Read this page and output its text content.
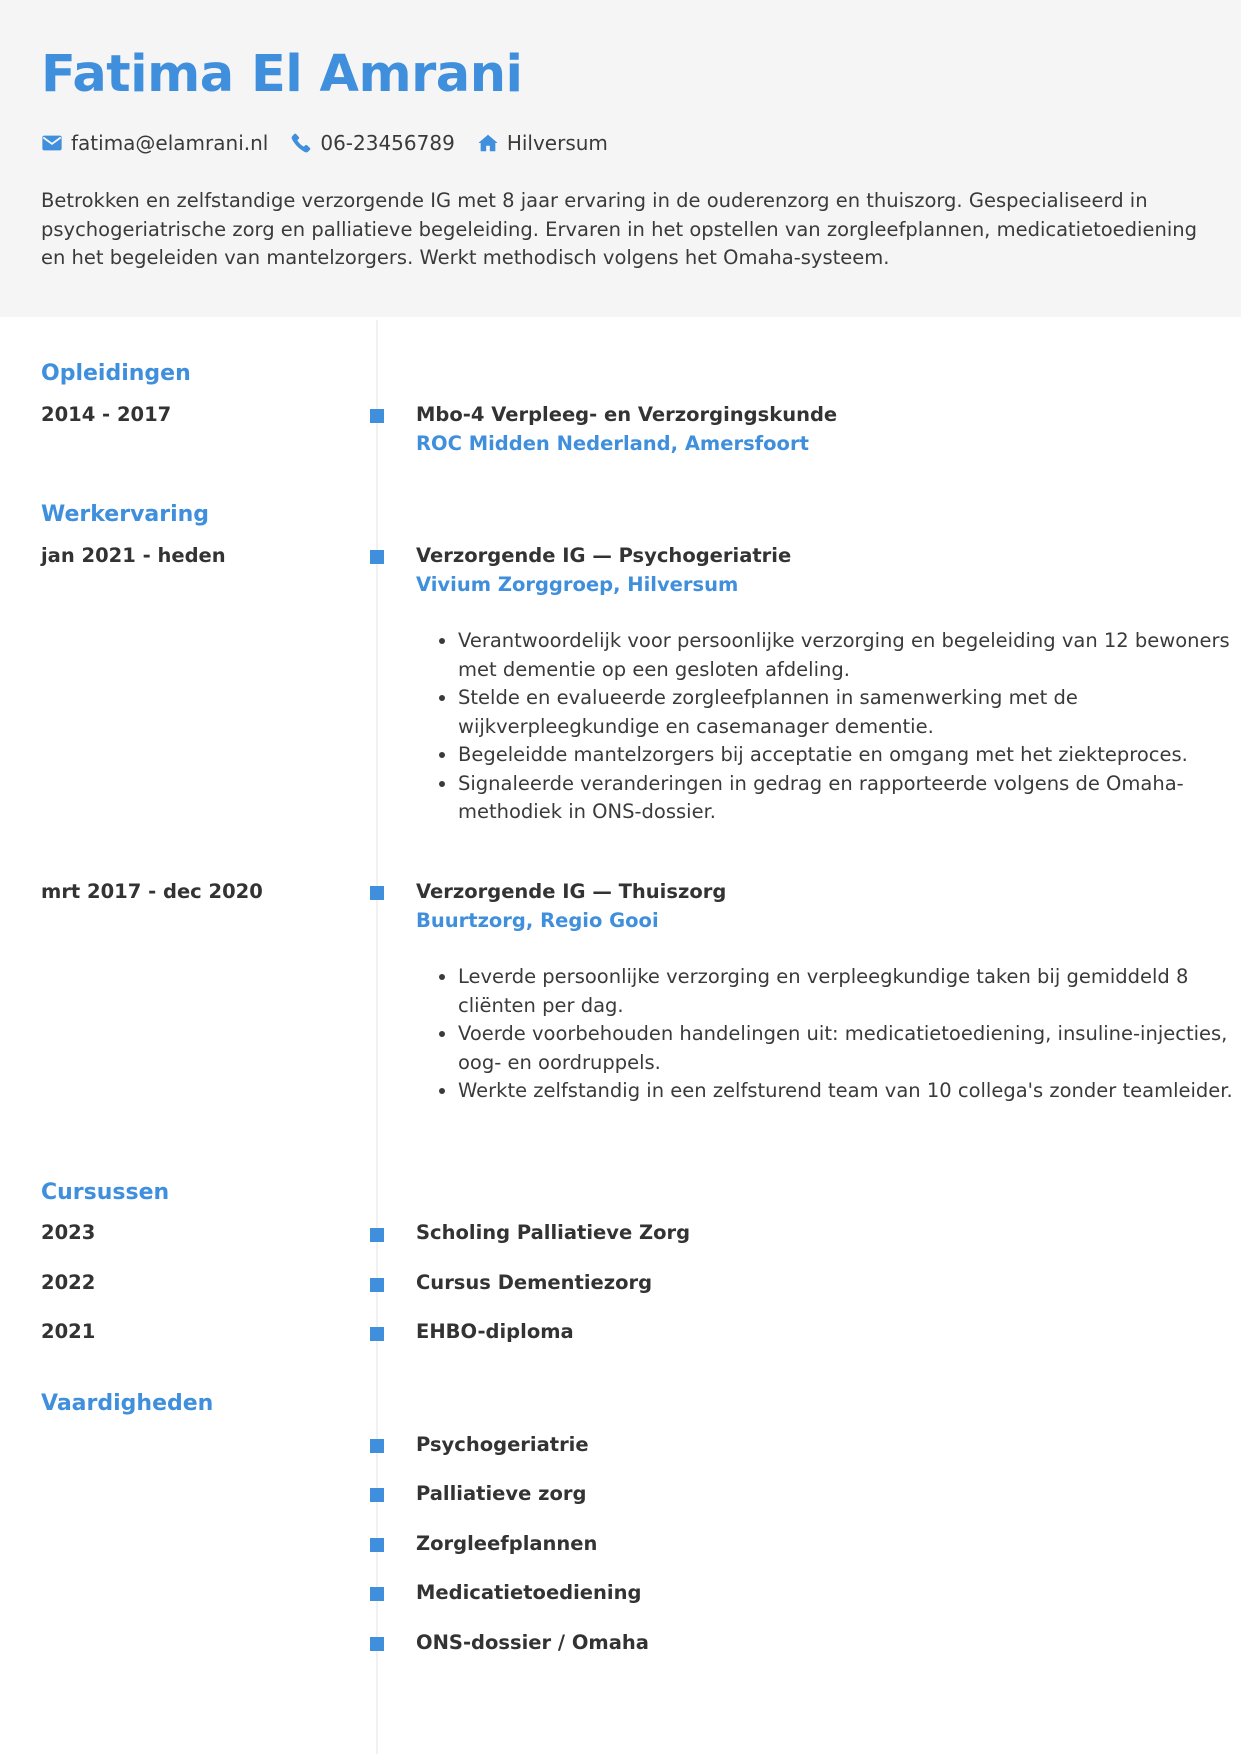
Fatima El Amrani
fatima@elamrani.nl	06-23456789	Hilversum

Betrokken en zelfstandige verzorgende IG met 8 jaar ervaring in de ouderenzorg en thuiszorg. Gespecialiseerd in psychogeriatrische zorg en palliatieve begeleiding. Ervaren in het opstellen van zorgleefplannen, medicatietoediening en het begeleiden van mantelzorgers. Werkt methodisch volgens het Omaha-systeem.

Opleidingen
2014 - 2017	Mbo-4 Verpleeg- en Verzorgingskunde
ROC Midden Nederland, Amersfoort
Werkervaring
jan 2021 - heden	Verzorgende IG — Psychogeriatrie
Vivium Zorggroep, Hilversum
• Verantwoordelijk voor persoonlijke verzorging en begeleiding van 12 bewoners met dementie op een gesloten afdeling.
• Stelde en evalueerde zorgleefplannen in samenwerking met de wijkverpleegkundige en casemanager dementie.
• Begeleidde mantelzorgers bij acceptatie en omgang met het ziekteproces.
• Signaleerde veranderingen in gedrag en rapporteerde volgens de Omaha-methodiek in ONS-dossier.
mrt 2017 - dec 2020	Verzorgende IG — Thuiszorg
Buurtzorg, Regio Gooi
• Leverde persoonlijke verzorging en verpleegkundige taken bij gemiddeld 8 cliënten per dag.
• Voerde voorbehouden handelingen uit: medicatietoediening, insuline-injecties, oog- en oordruppels.
• Werkte zelfstandig in een zelfsturend team van 10 collega's zonder teamleider.
Cursussen
2023	Scholing Palliatieve Zorg
2022	Cursus Dementiezorg
2021	EHBO-diploma
Vaardigheden
Psychogeriatrie
Palliatieve zorg
Zorgleefplannen
Medicatietoediening
ONS-dossier / Omaha
